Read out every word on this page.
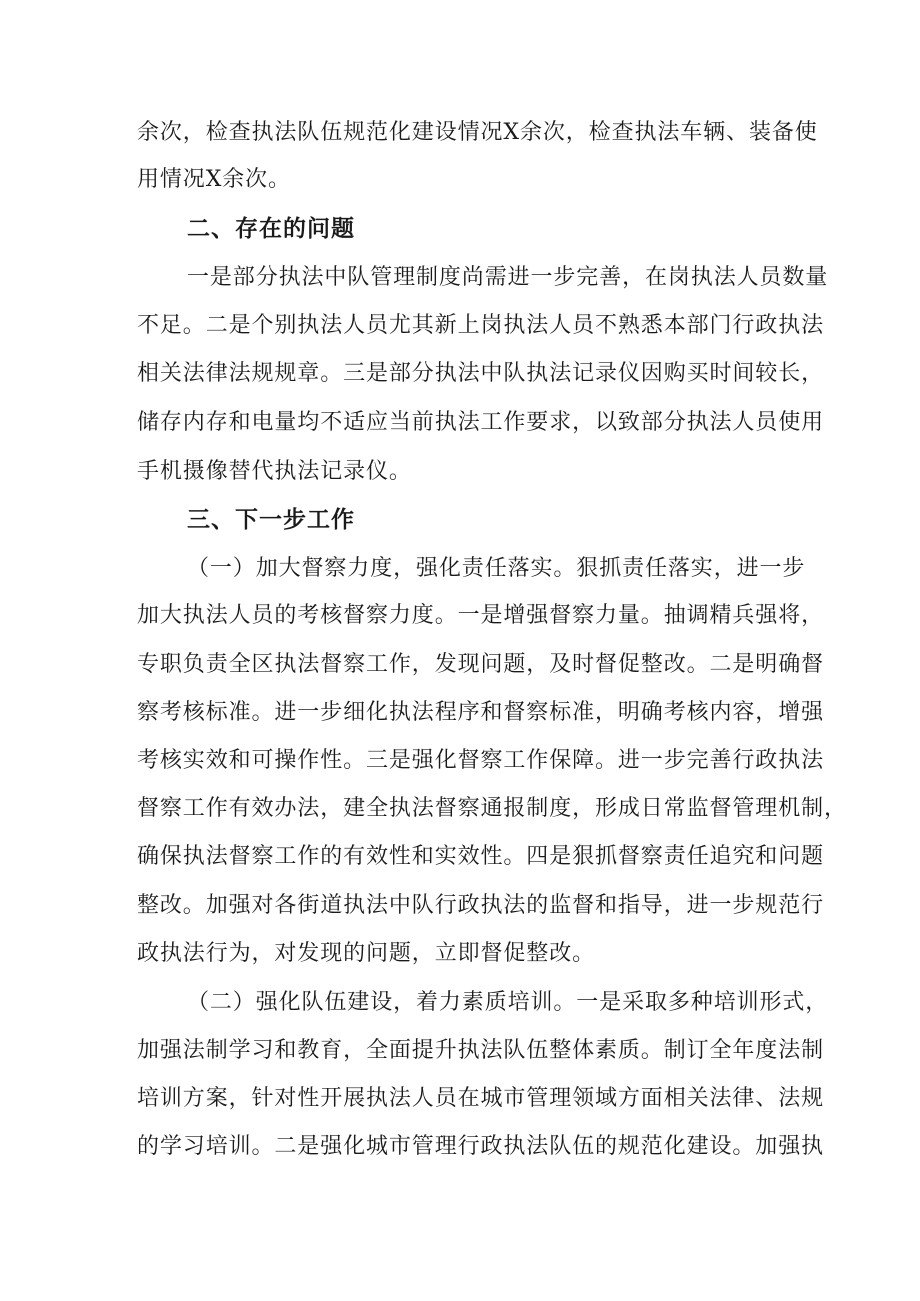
余次，检查执法队伍规范化建设情况X余次，检查执法车辆、装备使
用情况X余次。
二、存在的问题
一是部分执法中队管理制度尚需进一步完善，在岗执法人员数量
不足。二是个别执法人员尤其新上岗执法人员不熟悉本部门行政执法
相关法律法规规章。三是部分执法中队执法记录仪因购买时间较长，
储存内存和电量均不适应当前执法工作要求，以致部分执法人员使用
手机摄像替代执法记录仪。
三、下一步工作
（一）加大督察力度，强化责任落实。狠抓责任落实，进一步
加大执法人员的考核督察力度。一是增强督察力量。抽调精兵强将，
专职负责全区执法督察工作，发现问题，及时督促整改。二是明确督
察考核标准。进一步细化执法程序和督察标准，明确考核内容，增强
考核实效和可操作性。三是强化督察工作保障。进一步完善行政执法
督察工作有效办法，建全执法督察通报制度，形成日常监督管理机制，
确保执法督察工作的有效性和实效性。四是狠抓督察责任追究和问题
整改。加强对各街道执法中队行政执法的监督和指导，进一步规范行
政执法行为，对发现的问题，立即督促整改。
（二）强化队伍建设，着力素质培训。一是采取多种培训形式，
加强法制学习和教育，全面提升执法队伍整体素质。制订全年度法制
培训方案，针对性开展执法人员在城市管理领域方面相关法律、法规
的学习培训。二是强化城市管理行政执法队伍的规范化建设。加强执
